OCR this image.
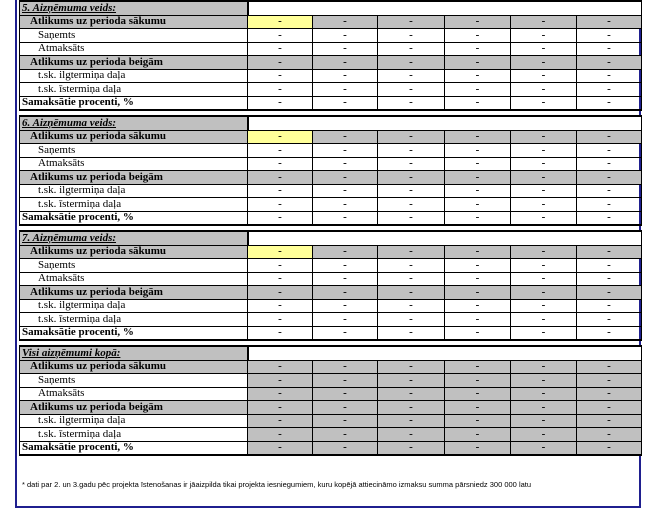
5. Aizņēmuma veids:						
Atlikums uz perioda sākumu	-	-	-	-	-	-
Saņemts	-	-	-	-	-	-
Atmaksāts	-	-	-	-	-	-
Atlikums uz perioda beigām	-	-	-	-	-	-
t.sk. ilgtermiņa daļa	-	-	-	-	-	-
t.sk. īstermiņa daļa	-	-	-	-	-	-
Samaksātie procenti, %	-	-	-	-	-	-

6. Aizņēmuma veids:						
Atlikums uz perioda sākumu	-	-	-	-	-	-
Saņemts	-	-	-	-	-	-
Atmaksāts	-	-	-	-	-	-
Atlikums uz perioda beigām	-	-	-	-	-	-
t.sk. ilgtermiņa daļa	-	-	-	-	-	-
t.sk. īstermiņa daļa	-	-	-	-	-	-
Samaksātie procenti, %	-	-	-	-	-	-

7. Aizņēmuma veids:						
Atlikums uz perioda sākumu	-	-	-	-	-	-
Saņemts	-	-	-	-	-	-
Atmaksāts	-	-	-	-	-	-
Atlikums uz perioda beigām	-	-	-	-	-	-
t.sk. ilgtermiņa daļa	-	-	-	-	-	-
t.sk. īstermiņa daļa	-	-	-	-	-	-
Samaksātie procenti, %	-	-	-	-	-	-

Visi aizņēmumi kopā:						
Atlikums uz perioda sākumu	-	-	-	-	-	-
Saņemts	-	-	-	-	-	-
Atmaksāts	-	-	-	-	-	-
Atlikums uz perioda beigām	-	-	-	-	-	-
t.sk. ilgtermiņa daļa	-	-	-	-	-	-
t.sk. īstermiņa daļa	-	-	-	-	-	-
Samaksātie procenti, %	-	-	-	-	-	-
* dati par 2. un 3.gadu pēc projekta īstenošanas ir jāaizpilda tikai projekta iesniegumiem, kuru kopējā attiecināmo izmaksu summa pārsniedz 300 000 latu
